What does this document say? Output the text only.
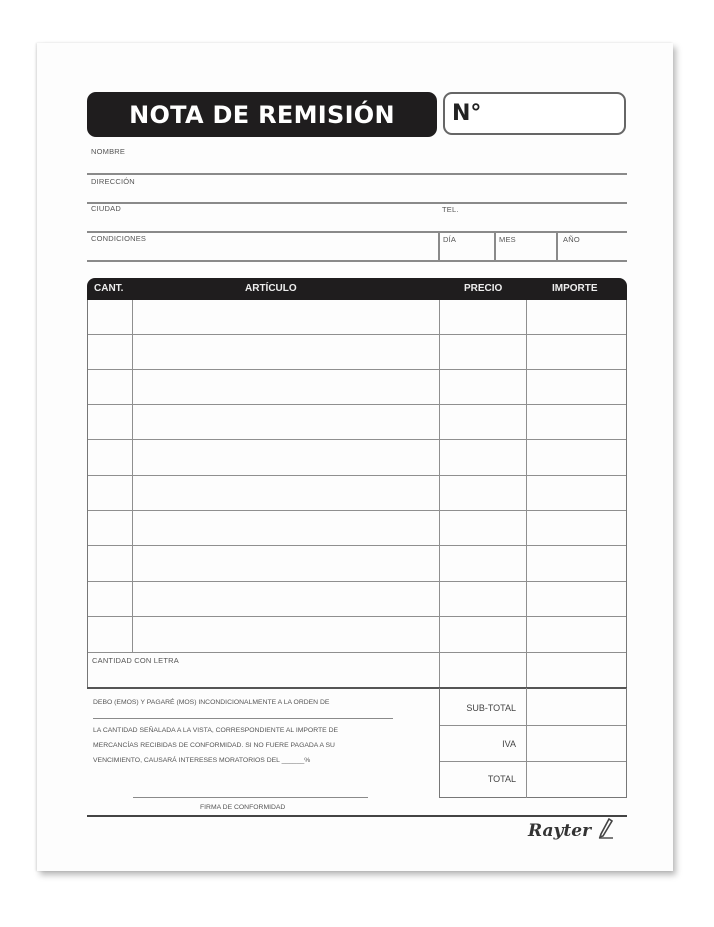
NOTA DE REMISIÓN	N°
NOMBRE
DIRECCIÓN
CIUDAD	TEL.
CONDICIONES	DÍA	MES	AÑO
CANT.	ARTÍCULO	PRECIO	IMPORTE
CANTIDAD CON LETRA
DEBO (EMOS) Y PAGARÉ (MOS) INCONDICIONALMENTE A LA ORDEN DE
LA CANTIDAD SEÑALADA A LA VISTA, CORRESPONDIENTE AL IMPORTE DE
MERCANCÍAS RECIBIDAS DE CONFORMIDAD. SI NO FUERE PAGADA A SU
VENCIMIENTO, CAUSARÁ INTERESES MORATORIOS DEL ______%
FIRMA DE CONFORMIDAD
SUB-TOTAL
IVA
TOTAL
Rayter
